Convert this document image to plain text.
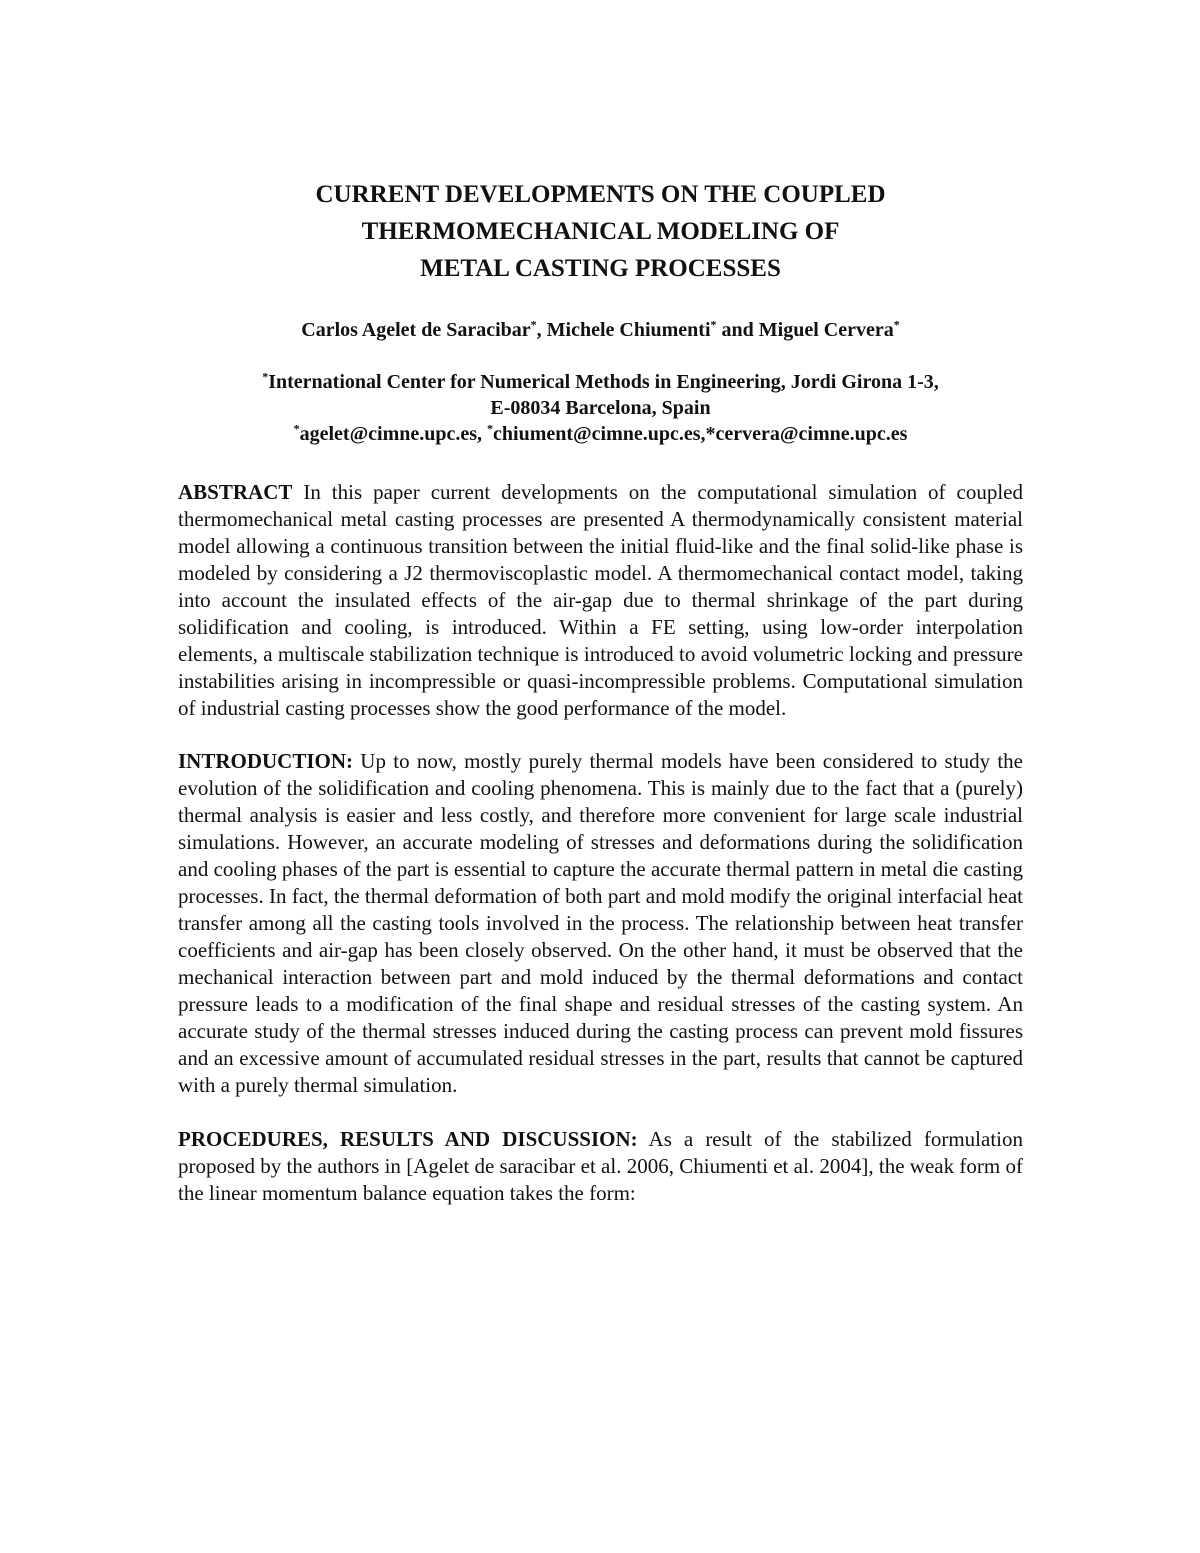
CURRENT DEVELOPMENTS ON THE COUPLED
THERMOMECHANICAL MODELING OF
METAL CASTING PROCESSES
Carlos Agelet de Saracibar*, Michele Chiumenti* and Miguel Cervera*
*International Center for Numerical Methods in Engineering, Jordi Girona 1-3,
E-08034 Barcelona, Spain
*agelet@cimne.upc.es, *chiument@cimne.upc.es,*cervera@cimne.upc.es

ABSTRACT In this paper current developments on the computational simulation of coupled thermomechanical metal casting processes are presented A thermodynamically consistent material model allowing a continuous transition between the initial fluid-like and the final solid-like phase is modeled by considering a J2 thermoviscoplastic model. A thermomechanical contact model, taking into account the insulated effects of the air-gap due to thermal shrinkage of the part during solidification and cooling, is introduced. Within a FE setting, using low-order interpolation elements, a multiscale stabilization technique is introduced to avoid volumetric locking and pressure instabilities arising in incompressible or quasi-incompressible problems. Computational simulation of industrial casting processes show the good performance of the model.

INTRODUCTION: Up to now, mostly purely thermal models have been considered to study the evolution of the solidification and cooling phenomena. This is mainly due to the fact that a (purely) thermal analysis is easier and less costly, and therefore more convenient for large scale industrial simulations. However, an accurate modeling of stresses and deformations during the solidification and cooling phases of the part is essential to capture the accurate thermal pattern in metal die casting processes. In fact, the thermal deformation of both part and mold modify the original interfacial heat transfer among all the casting tools involved in the process. The relationship between heat transfer coefficients and air-gap has been closely observed. On the other hand, it must be observed that the mechanical interaction between part and mold induced by the thermal deformations and contact pressure leads to a modification of the final shape and residual stresses of the casting system. An accurate study of the thermal stresses induced during the casting process can prevent mold fissures and an excessive amount of accumulated residual stresses in the part, results that cannot be captured with a purely thermal simulation.

PROCEDURES, RESULTS AND DISCUSSION: As a result of the stabilized formulation proposed by the authors in [Agelet de saracibar et al. 2006, Chiumenti et al. 2004], the weak form of the linear momentum balance equation takes the form:
